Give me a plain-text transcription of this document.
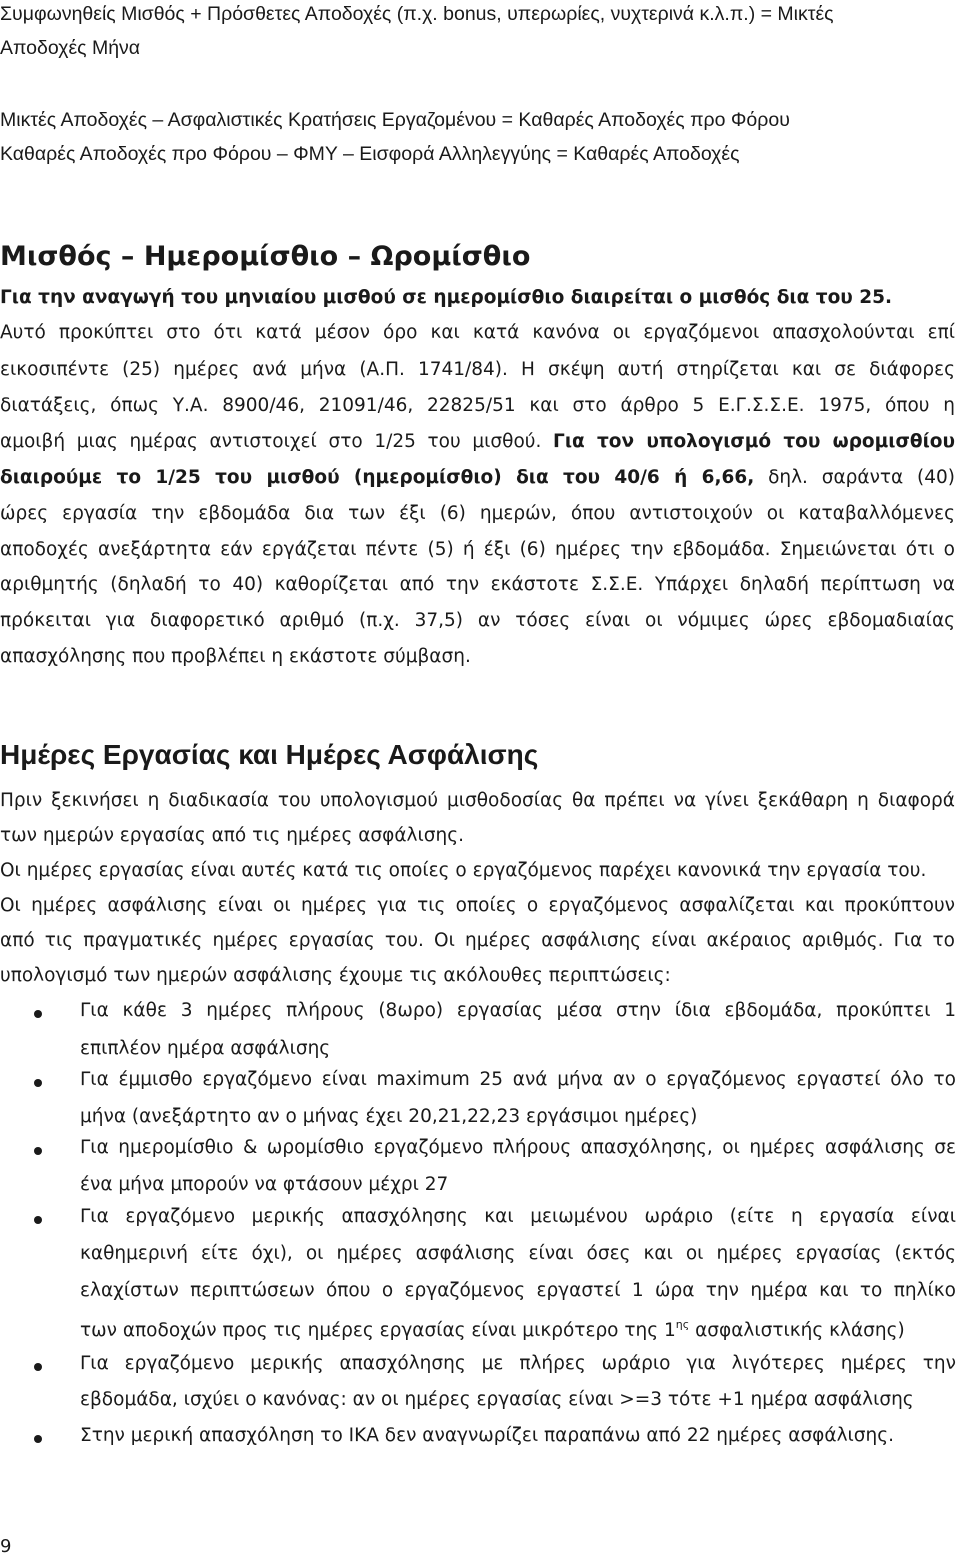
Συμφωνηθείς Μισθός + Πρόσθετες Αποδοχές (π.χ. bonus, υπερωρίες, νυχτερινά κ.λ.π.) = Μικτές
Αποδοχές Μήνα
Μικτές Αποδοχές – Ασφαλιστικές Κρατήσεις Εργαζομένου = Καθαρές Αποδοχές προ Φόρου
Καθαρές Αποδοχές προ Φόρου – ΦΜΥ – Εισφορά Αλληλεγγύης = Καθαρές Αποδοχές
Μισθός – Ημερομίσθιο – Ωρομίσθιο
Για την αναγωγή του μηνιαίου μισθού σε ημερομίσθιο διαιρείται ο μισθός δια του 25.
Αυτό προκύπτει στο ότι κατά μέσον όρο και κατά κανόνα οι εργαζόμενοι απασχολούνται επί
εικοσιπέντε (25) ημέρες ανά μήνα (Α.Π. 1741/84). Η σκέψη αυτή στηρίζεται και σε διάφορες
διατάξεις, όπως Υ.Α. 8900/46, 21091/46, 22825/51 και στο άρθρο 5 Ε.Γ.Σ.Σ.Ε. 1975, όπου η
αμοιβή μιας ημέρας αντιστοιχεί στο 1/25 του μισθού. Για τον υπολογισμό του ωρομισθίου
διαιρούμε το 1/25 του μισθού (ημερομίσθιο) δια του 40/6 ή 6,66, δηλ. σαράντα (40)
ώρες εργασία την εβδομάδα δια των έξι (6) ημερών, όπου αντιστοιχούν οι καταβαλλόμενες
αποδοχές ανεξάρτητα εάν εργάζεται πέντε (5) ή έξι (6) ημέρες την εβδομάδα. Σημειώνεται ότι ο
αριθμητής (δηλαδή το 40) καθορίζεται από την εκάστοτε Σ.Σ.Ε. Υπάρχει δηλαδή περίπτωση να
πρόκειται για διαφορετικό αριθμό (π.χ. 37,5) αν τόσες είναι οι νόμιμες ώρες εβδομαδιαίας
απασχόλησης που προβλέπει η εκάστοτε σύμβαση.
Ημέρες Εργασίας και Ημέρες Ασφάλισης
Πριν ξεκινήσει η διαδικασία του υπολογισμού μισθοδοσίας θα πρέπει να γίνει ξεκάθαρη η διαφορά
των ημερών εργασίας από τις ημέρες ασφάλισης.
Οι ημέρες εργασίας είναι αυτές κατά τις οποίες ο εργαζόμενος παρέχει κανονικά την εργασία του.
Οι ημέρες ασφάλισης είναι οι ημέρες για τις οποίες ο εργαζόμενος ασφαλίζεται και προκύπτουν
από τις πραγματικές ημέρες εργασίας του. Οι ημέρες ασφάλισης είναι ακέραιος αριθμός. Για το
υπολογισμό των ημερών ασφάλισης έχουμε τις ακόλουθες περιπτώσεις:
Για κάθε 3 ημέρες πλήρους (8ωρο) εργασίας μέσα στην ίδια εβδομάδα, προκύπτει 1
επιπλέον ημέρα ασφάλισης
Για έμμισθο εργαζόμενο είναι maximum 25 ανά μήνα αν ο εργαζόμενος εργαστεί όλο το
μήνα (ανεξάρτητο αν ο μήνας έχει 20,21,22,23 εργάσιμοι ημέρες)
Για ημερομίσθιο & ωρομίσθιο εργαζόμενο πλήρους απασχόλησης, οι ημέρες ασφάλισης σε
ένα μήνα μπορούν να φτάσουν μέχρι 27
Για εργαζόμενο μερικής απασχόλησης και μειωμένου ωράριο (είτε η εργασία είναι
καθημερινή είτε όχι), οι ημέρες ασφάλισης είναι όσες και οι ημέρες εργασίας (εκτός
ελαχίστων περιπτώσεων όπου ο εργαζόμενος εργαστεί 1 ώρα την ημέρα και το πηλίκο
των αποδοχών προς τις ημέρες εργασίας είναι μικρότερο της $1^{\eta\varsigma}$ ασφαλιστικής κλάσης)
Για εργαζόμενο μερικής απασχόλησης με πλήρες ωράριο για λιγότερες ημέρες την
εβδομάδα, ισχύει ο κανόνας: αν οι ημέρες εργασίας είναι >=3 τότε +1 ημέρα ασφάλισης
Στην μερική απασχόληση το ΙΚΑ δεν αναγνωρίζει παραπάνω από 22 ημέρες ασφάλισης.
9
